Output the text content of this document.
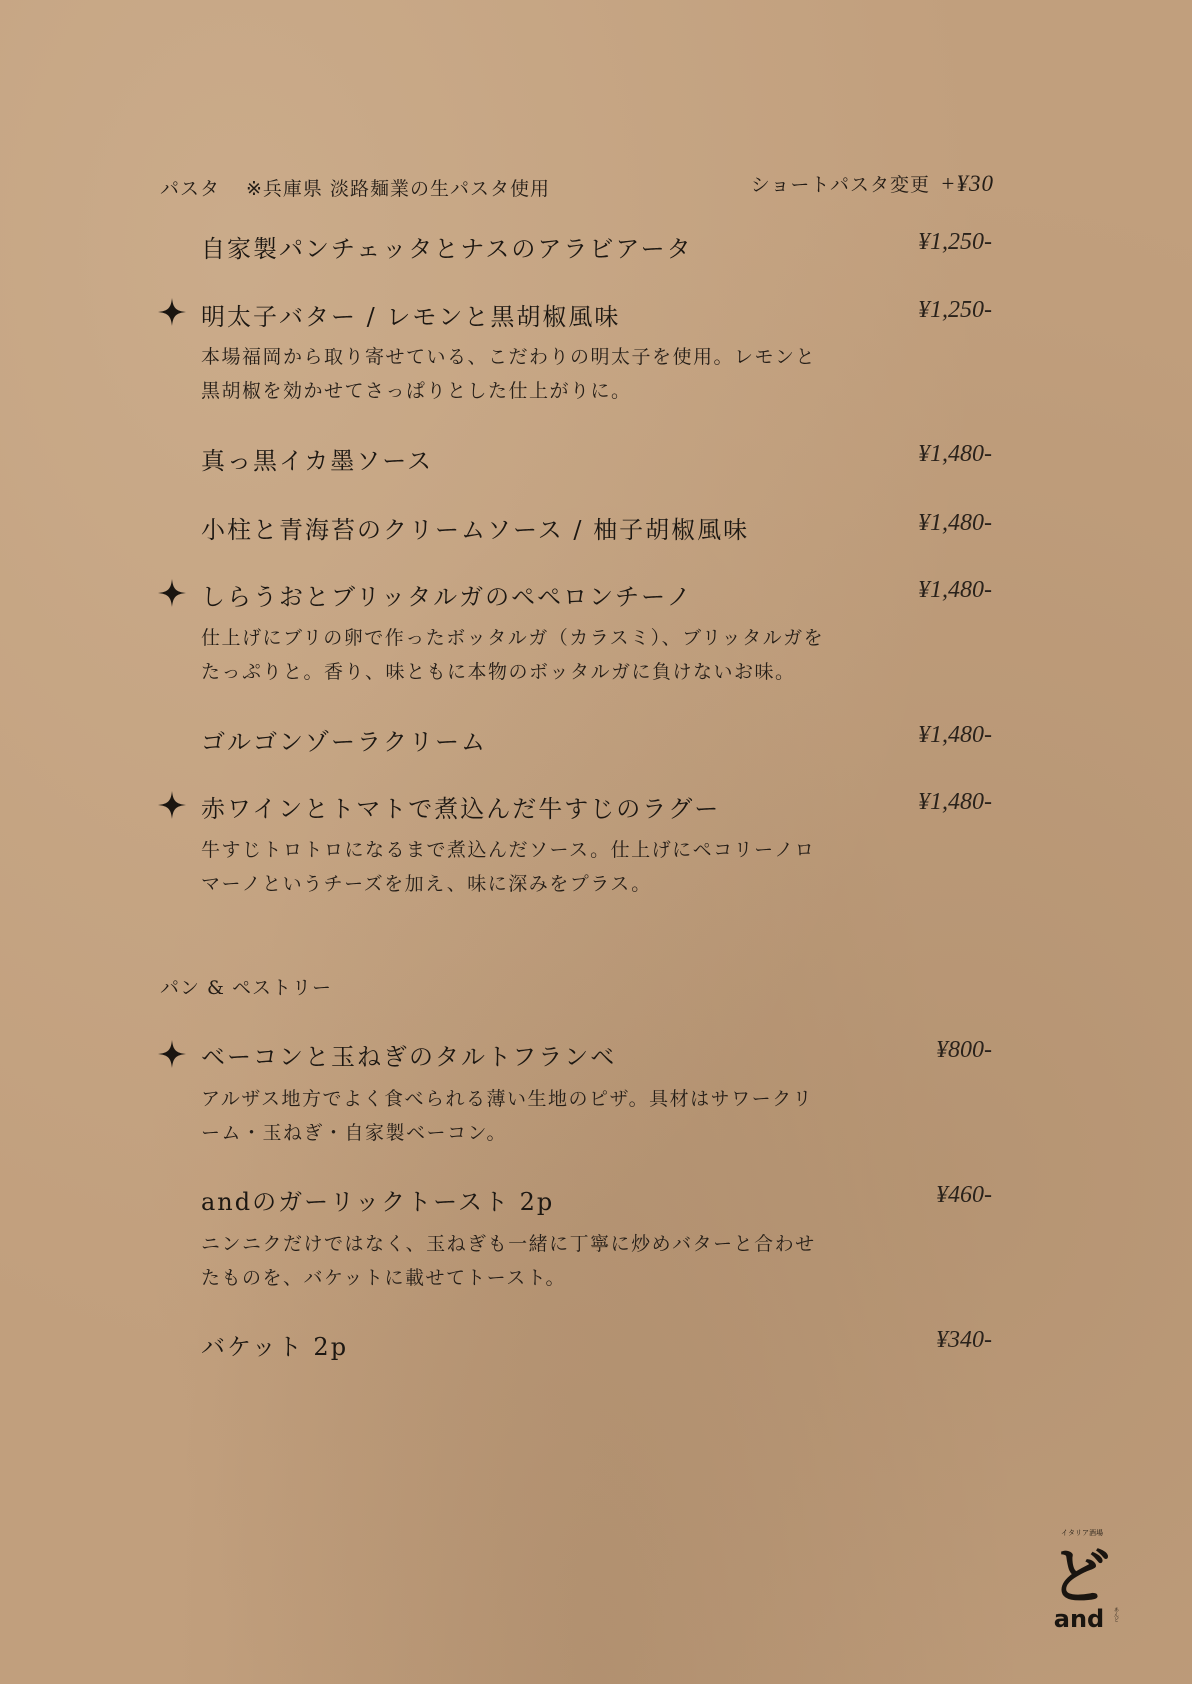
パスタ ※兵庫県 淡路麺業の生パスタ使用	ショートパスタ変更 +¥30
自家製パンチェッタとナスのアラビアータ	¥1,250-
明太子バター / レモンと黒胡椒風味	¥1,250-
本場福岡から取り寄せている、こだわりの明太子を使用。レモンと黒胡椒を効かせてさっぱりとした仕上がりに。
真っ黒イカ墨ソース	¥1,480-
小柱と青海苔のクリームソース / 柚子胡椒風味	¥1,480-
しらうおとブリッタルガのペペロンチーノ	¥1,480-
仕上げにブリの卵で作ったボッタルガ（カラスミ）、ブリッタルガをたっぷりと。香り、味ともに本物のボッタルガに負けないお味。
ゴルゴンゾーラクリーム	¥1,480-
赤ワインとトマトで煮込んだ牛すじのラグー	¥1,480-
牛すじトロトロになるまで煮込んだソース。仕上げにペコリーノロマーノというチーズを加え、味に深みをプラス。
パン & ペストリー
ベーコンと玉ねぎのタルトフランベ	¥800-
アルザス地方でよく食べられる薄い生地のピザ。具材はサワークリーム・玉ねぎ・自家製ベーコン。
andのガーリックトースト 2p	¥460-
ニンニクだけではなく、玉ねぎも一緒に丁寧に炒めバターと合わせたものを、バケットに載せてトースト。
バケット 2p	¥340-
イタリア酒場
ど
and あんど
